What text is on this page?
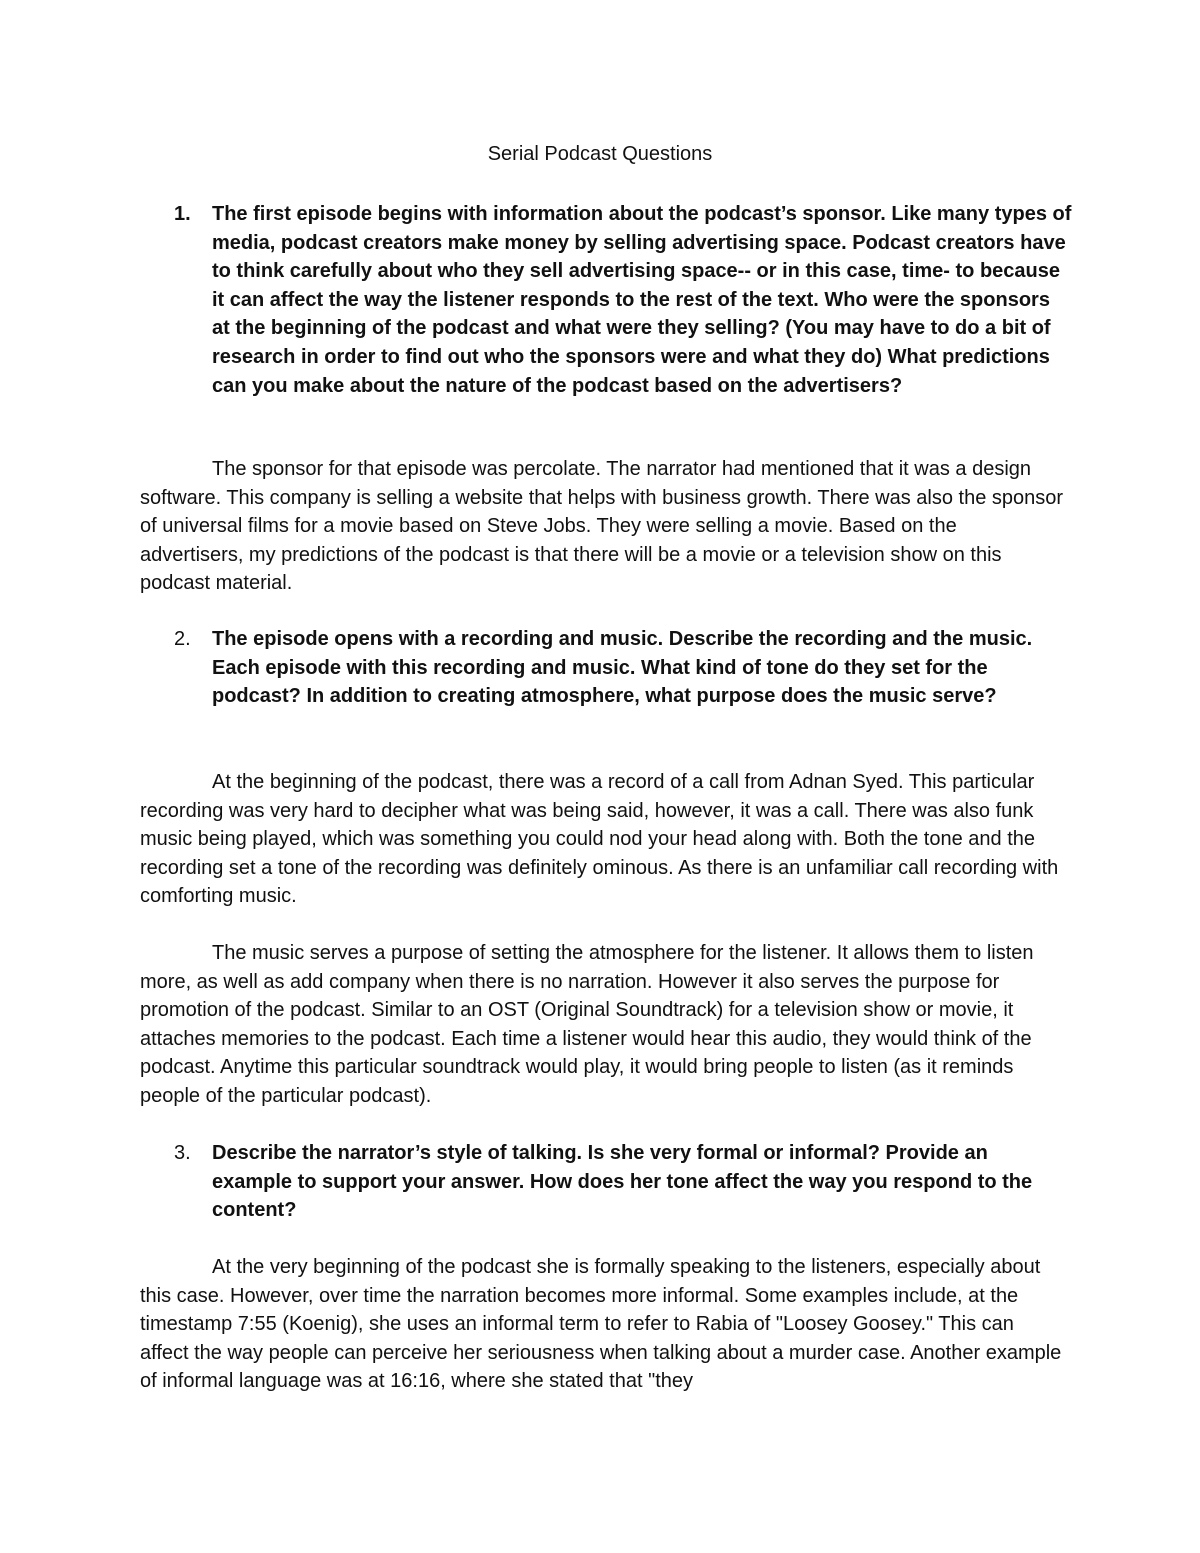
Serial Podcast Questions
1. The first episode begins with information about the podcast’s sponsor. Like many types of media, podcast creators make money by selling advertising space. Podcast creators have to think carefully about who they sell advertising space-- or in this case, time- to because it can affect the way the listener responds to the rest of the text. Who were the sponsors at the beginning of the podcast and what were they selling? (You may have to do a bit of research in order to find out who the sponsors were and what they do) What predictions can you make about the nature of the podcast based on the advertisers?
The sponsor for that episode was percolate. The narrator had mentioned that it was a design software. This company is selling a website that helps with business growth. There was also the sponsor of universal films for a movie based on Steve Jobs. They were selling a movie. Based on the advertisers, my predictions of the podcast is that there will be a movie or a television show on this podcast material.
2. The episode opens with a recording and music. Describe the recording and the music. Each episode with this recording and music. What kind of tone do they set for the podcast? In addition to creating atmosphere, what purpose does the music serve?
At the beginning of the podcast, there was a record of a call from Adnan Syed. This particular recording was very hard to decipher what was being said, however, it was a call. There was also funk music being played, which was something you could nod your head along with. Both the tone and the recording set a tone of the recording was definitely ominous. As there is an unfamiliar call recording with comforting music.
The music serves a purpose of setting the atmosphere for the listener. It allows them to listen more, as well as add company when there is no narration. However it also serves the purpose for promotion of the podcast. Similar to an OST (Original Soundtrack) for a television show or movie, it attaches memories to the podcast. Each time a listener would hear this audio, they would think of the podcast. Anytime this particular soundtrack would play, it would bring people to listen (as it reminds people of the particular podcast).
3. Describe the narrator’s style of talking. Is she very formal or informal? Provide an example to support your answer. How does her tone affect the way you respond to the content?
At the very beginning of the podcast she is formally speaking to the listeners, especially about this case. However, over time the narration becomes more informal. Some examples include, at the timestamp 7:55 (Koenig), she uses an informal term to refer to Rabia of "Loosey Goosey." This can affect the way people can perceive her seriousness when talking about a murder case. Another example of informal language was at 16:16, where she stated that "they
